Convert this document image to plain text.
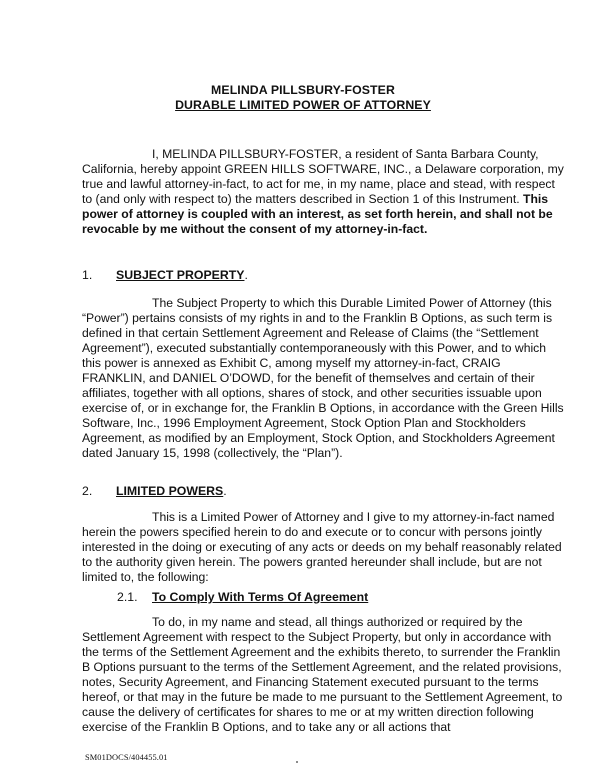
MELINDA PILLSBURY-FOSTER
DURABLE LIMITED POWER OF ATTORNEY

I, MELINDA PILLSBURY-FOSTER, a resident of Santa Barbara County, California, hereby appoint GREEN HILLS SOFTWARE, INC., a Delaware corporation, my true and lawful attorney-in-fact, to act for me, in my name, place and stead, with respect to (and only with respect to) the matters described in Section 1 of this Instrument. This power of attorney is coupled with an interest, as set forth herein, and shall not be revocable by me without the consent of my attorney-in-fact.

1. SUBJECT PROPERTY.

The Subject Property to which this Durable Limited Power of Attorney (this “Power”) pertains consists of my rights in and to the Franklin B Options, as such term is defined in that certain Settlement Agreement and Release of Claims (the “Settlement Agreement”), executed substantially contemporaneously with this Power, and to which this power is annexed as Exhibit C, among myself my attorney-in-fact, CRAIG FRANKLIN, and DANIEL O’DOWD, for the benefit of themselves and certain of their affiliates, together with all options, shares of stock, and other securities issuable upon exercise of, or in exchange for, the Franklin B Options, in accordance with the Green Hills Software, Inc., 1996 Employment Agreement, Stock Option Plan and Stockholders Agreement, as modified by an Employment, Stock Option, and Stockholders Agreement dated January 15, 1998 (collectively, the “Plan”).

2. LIMITED POWERS.

This is a Limited Power of Attorney and I give to my attorney-in-fact named herein the powers specified herein to do and execute or to concur with persons jointly interested in the doing or executing of any acts or deeds on my behalf reasonably related to the authority given herein. The powers granted hereunder shall include, but are not limited to, the following:

2.1. To Comply With Terms Of Agreement

To do, in my name and stead, all things authorized or required by the Settlement Agreement with respect to the Subject Property, but only in accordance with the terms of the Settlement Agreement and the exhibits thereto, to surrender the Franklin B Options pursuant to the terms of the Settlement Agreement, and the related provisions, notes, Security Agreement, and Financing Statement executed pursuant to the terms hereof, or that may in the future be made to me pursuant to the Settlement Agreement, to cause the delivery of certificates for shares to me or at my written direction following exercise of the Franklin B Options, and to take any or all actions that

SM01DOCS/404455.01
